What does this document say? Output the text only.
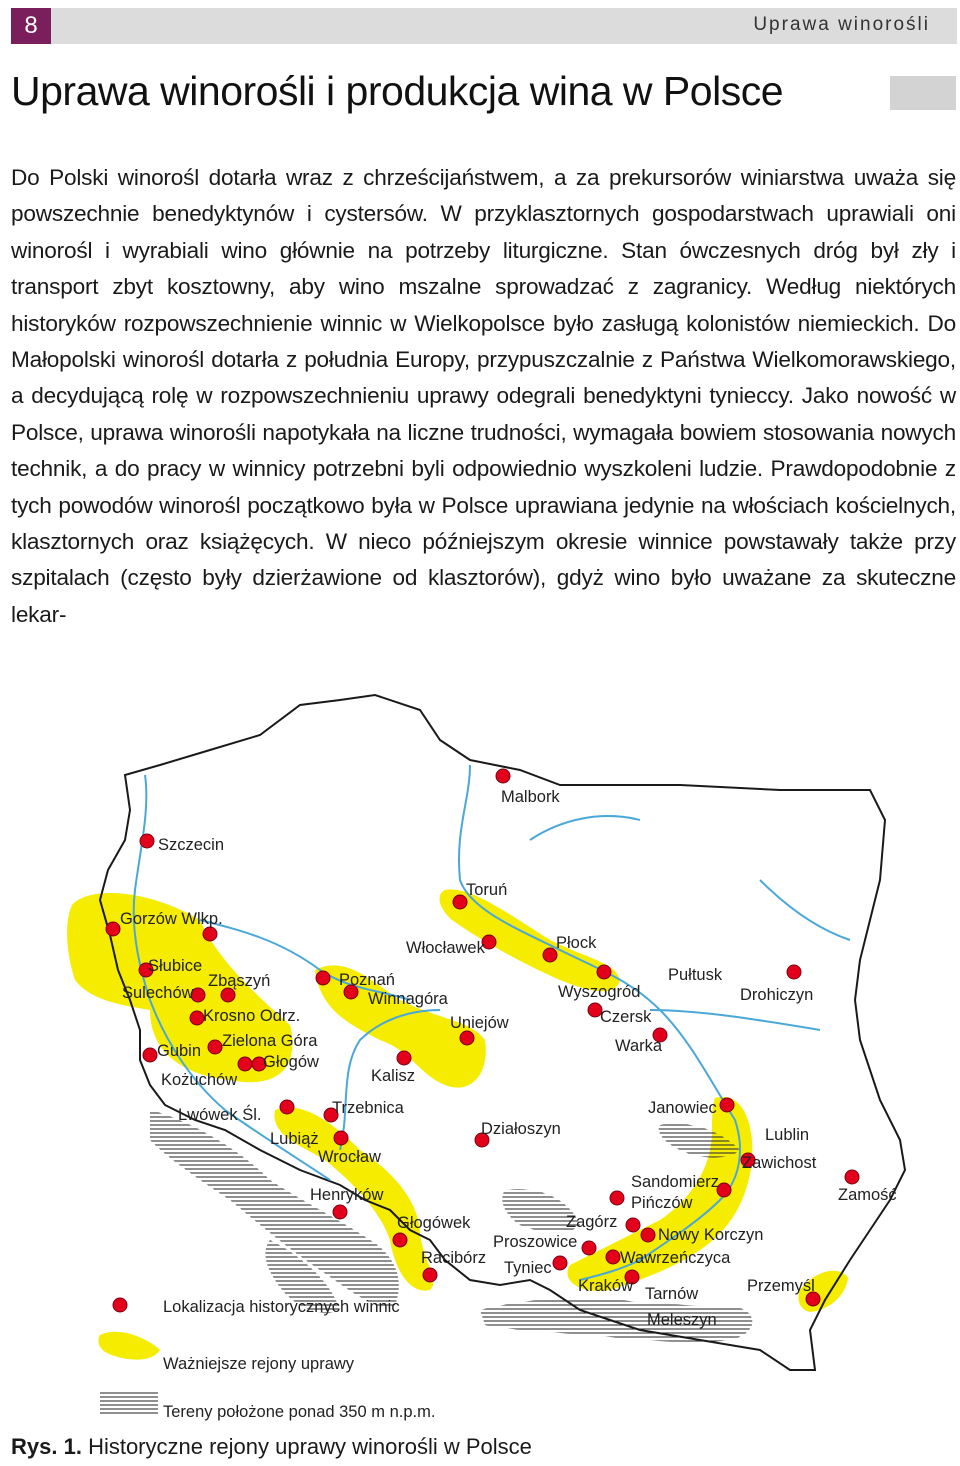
8	Uprawa winorośli
Uprawa winorośli i produkcja wina w Polsce

Do Polski winorośl dotarła wraz z chrześcijaństwem, a za prekursorów winiarstwa uważa się powszechnie benedyktynów i cystersów. W przyklasztornych gospodarstwach uprawiali oni winorośl i wyrabiali wino głównie na potrzeby liturgiczne. Stan ówczesnych dróg był zły i transport zbyt kosztowny, aby wino mszalne sprowadzać z zagranicy. Według niektórych historyków rozpowszechnienie winnic w Wielkopolsce było zasługą kolonistów niemieckich. Do Małopolski winorośl dotarła z południa Europy, przypuszczalnie z Państwa Wielkomorawskiego, a decydującą rolę w rozpowszechnieniu uprawy odegrali benedyktyni tynieccy. Jako nowość w Polsce, uprawa winorośli napotykała na liczne trudności, wymagała bowiem stosowania nowych technik, a do pracy w winnicy potrzebni byli odpowiednio wyszkoleni ludzie. Prawdopodobnie z tych powodów winorośl początkowo była w Polsce uprawiana jedynie na włościach kościelnych, klasztornych oraz książęcych. W nieco późniejszym okresie winnice powstawały także przy szpitalach (często były dzierżawione od klasztorów), gdyż wino było uważane za skuteczne lekar-

Malbork
Szczecin
Toruń
Gorzów Wlkp.
Włocławek	Płock
Słubice
Zbąszyń
Sulechów
Poznań	Pułtusk
Wyszogród	Drohiczyn
Winnagóra
Krosno Odrz.	Czersk
Uniejów
Zielona Góra
Gubin	Warka
Głogów
Kożuchów	Kalisz
Trzebnica	Janowiec
Lwówek Śl.
Lubiąż
Działoszyn	Lublin
Wrocław	Zawichost
Sandomierz
Henryków	Pińczów	Zamość
Głogówek	Zagórz
Nowy Korczyn
Proszowice
Racibórz	Wawrzeńczyca
Tyniec
Kraków	Przemyśl
Tarnów
Meleszyn
Lokalizacja historycznych winnic
Ważniejsze rejony uprawy
Tereny położone ponad 350 m n.p.m.

Rys. 1. Historyczne rejony uprawy winorośli w Polsce
